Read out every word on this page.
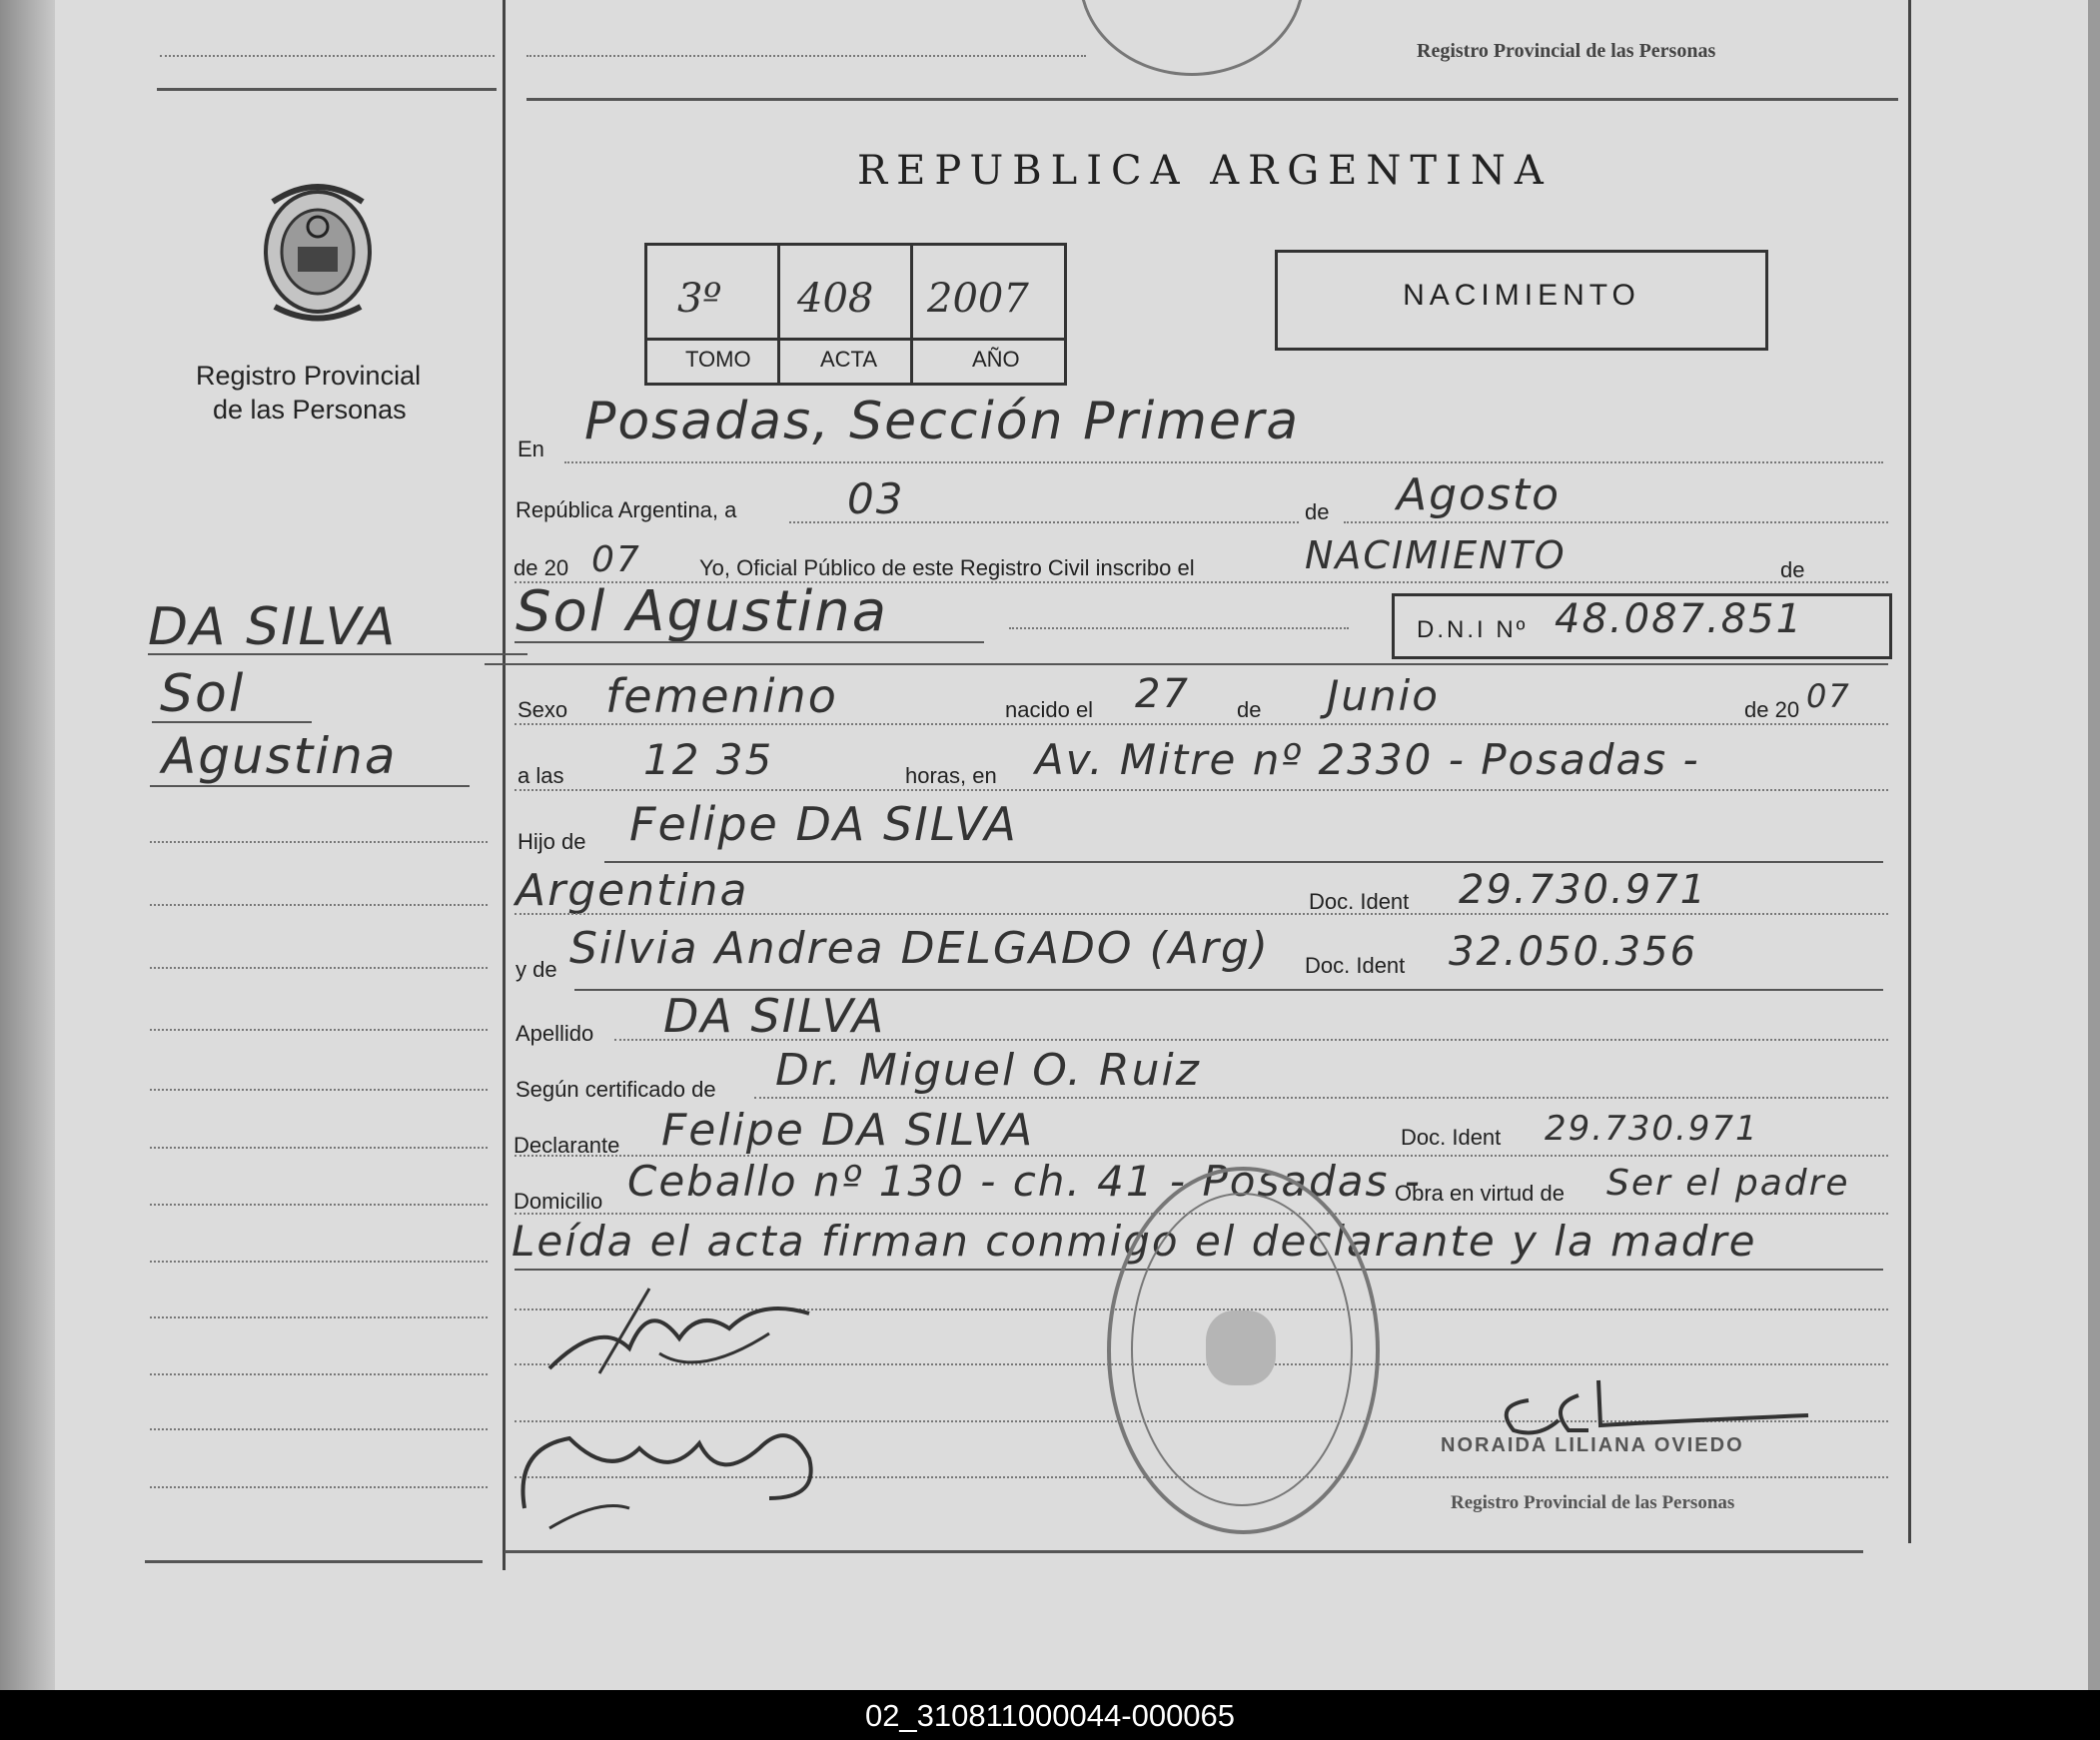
Registro Provincial de las Personas
Registro Provincial
de las Personas
DA SILVA
Sol
Agustina
REPUBLICA ARGENTINA
3º 408 2007
TOMO	ACTA	AÑO
NACIMIENTO
En Posadas, Sección Primera
República Argentina, a	03	de Agosto
de 20 07	Yo, Oficial Público de este Registro Civil inscribo el	NACIMIENTO	de
Sol Agustina	D.N.I Nº 48.087.851
Sexo femenino	nacido el 27 de Junio	de 20 07
a las 12 35	horas, en Av. Mitre nº 2330 - Posadas -
Hijo de Felipe DA SILVA
Argentina	Doc. Ident 29.730.971
y de Silvia Andrea DELGADO (Arg) Doc. Ident 32.050.356
Apellido DA SILVA
Según certificado de Dr. Miguel O. Ruiz
Declarante Felipe DA SILVA	Doc. Ident 29.730.971
Domicilio Ceballo nº 130 - ch. 41 - Posadas -
Obra en virtud de Ser el padre
Leída el acta firman conmigo el declarante y la madre
NORAIDA LILIANA OVIEDO
Registro Provincial de las Personas
02_310811000044-000065
